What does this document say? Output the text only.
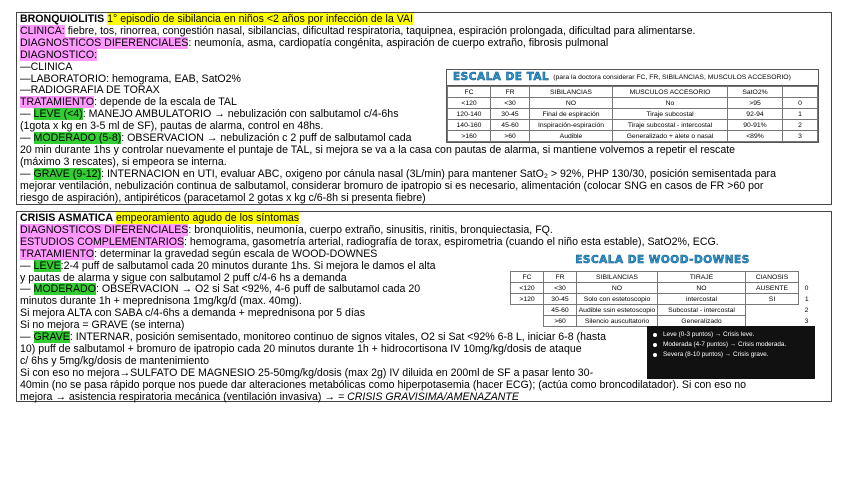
BRONQUIOLITIS 1° episodio de sibilancia en niños <2 años por infección de la VAI
CLINICA: fiebre, tos, rinorrea, congestión nasal, sibilancias, dificultad respiratoria, taquipnea, espiración prolongada, dificultad para alimentarse.
DIAGNOSTICOS DIFERENCIALES: neumonía, asma, cardiopatía congénita, aspiración de cuerpo extraño, fibrosis pulmonal
DIAGNOSTICO:
—CLINICA
—LABORATORIO: hemograma, EAB, SatO2%
—RADIOGRAFIA DE TORAX
TRATAMIENTO: depende de la escala de TAL
— LEVE (<4): MANEJO AMBULATORIO → nebulización con salbutamol c/4-6hs
(1gota x kg en 3-5 ml de SF), pautas de alarma, control en 48hs.
— MODERADO (5-8): OBSERVACION → nebulización c 2 puff de salbutamol cada
20 min durante 1hs y controlar nuevamente el puntaje de TAL, si mejora se va a la casa con pautas de alarma, si mantiene volvemos a repetir el rescate
(máximo 3 rescates), si empeora se interna.
— GRAVE (9-12): INTERNACION en UTI, evaluar ABC, oxigeno por cánula nasal (3L/min) para mantener SatO₂ > 92%, PHP 130/30, posición semisentada para
mejorar ventilación, nebulización continua de salbutamol, considerar bromuro de ipatropio si es necesario, alimentación (colocar SNG en casos de FR >60 por
riesgo de aspiración), antipiréticos (paracetamol 2 gotas x kg c/6-8h si presenta fiebre)
ESCALA DE TAL (para la doctora considerar FC, FR, SIBILANCIAS, MUSCULOS ACCESORIO)
FC	FR	SIBILANCIAS	MUSCULOS ACCESORIO	SatO2%	
<120	<30	NO	No	>95	0
120-140	30-45	Final de espiración	Tiraje subcostal	92-94	1
140-160	45-60	Inspiración-espiración	Tiraje subcostal - intercostal	90-91%	2
>160	>60	Audible	Generalizado + alete o nasal	<89%	3
CRISIS ASMATICA empeoramiento agudo de los síntomas
DIAGNOSTICOS DIFERENCIALES: bronquiolitis, neumonía, cuerpo extraño, sinusitis, rinitis, bronquiectasia, FQ.
ESTUDIOS COMPLEMENTARIOS: hemograma, gasometría arterial, radiografía de torax, espirometria (cuando el niño esta estable), SatO2%, ECG.
TRATAMIENTO: determinar la gravedad según escala de WOOD-DOWNES
— LEVE:2-4 puff de salbutamol cada 20 minutos durante 1hs. Si mejora le damos el alta
y pautas de alarma y sigue con salbutamol 2 puff c/4-6 hs a demanda
— MODERADO: OBSERVACION → O2 si Sat <92%, 4-6 puff de salbutamol cada 20
minutos durante 1h + meprednisona 1mg/kg/d (max. 40mg).
Si mejora ALTA con SABA c/4-6hs a demanda + meprednisona por 5 días
Si no mejora = GRAVE (se interna)
— GRAVE: INTERNAR, posición semisentado, monitoreo continuo de signos vitales, O2 si Sat <92% 6-8 L, iniciar 6-8 (hasta
10) puff de salbutamol + bromuro de ipatropio cada 20 minutos durante 1h + hidrocortisona IV 10mg/kg/dosis de ataque
c/ 6hs y 5mg/kg/dosis de mantenimiento
Si con eso no mejora→SULFATO DE MAGNESIO 25-50mg/kg/dosis (max 2g) IV diluida en 200ml de SF a pasar lento 30-
40min (no se pasa rápido porque nos puede dar alteraciones metabólicas como hiperpotasemia (hacer ECG); (actúa como broncodilatador). Si con eso no
mejora → asistencia respiratoria mecánica (ventilación invasiva) → = CRISIS GRAVISIMA/AMENAZANTE
ESCALA DE WOOD-DOWNES
FC	FR	SIBILANCIAS	TIRAJE	CIANOSIS	
<120	<30	NO	NO	AUSENTE	0
>120	30-45	Solo con estetoscopio	intercostal	SI	1
	45-60	Audible ssin estetoscopio	Subcostal - intercostal		2
	>60	Silencio auscultatorio	Generalizado		3
Leve (0-3 puntos) → Crisis leve.
Moderada (4-7 puntos) → Crisis moderada.
Severa (8-10 puntos) → Crisis grave.
